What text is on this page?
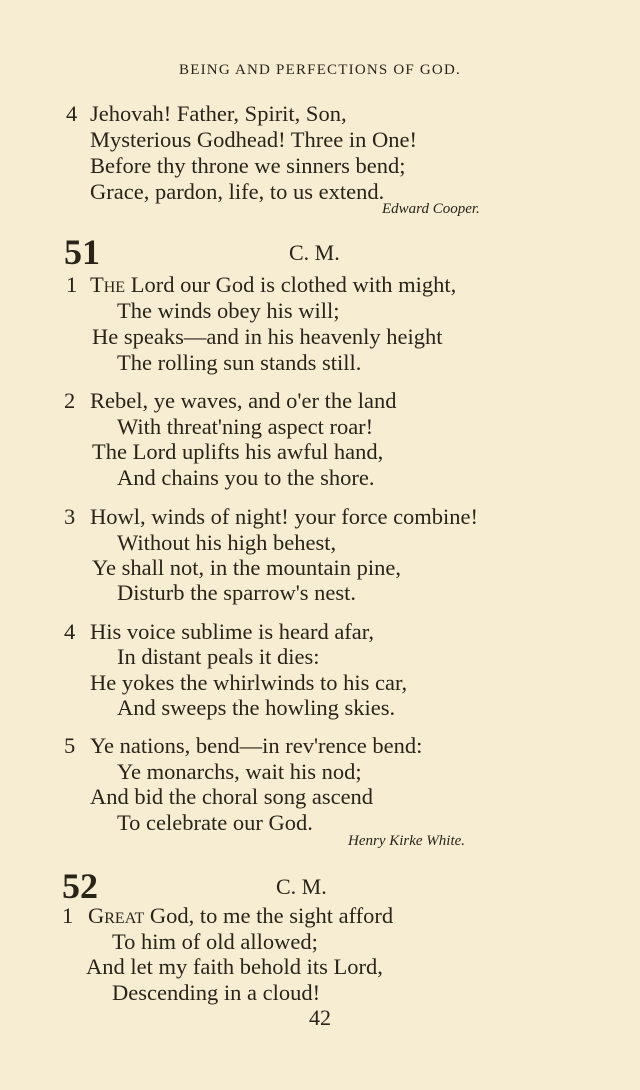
BEING AND PERFECTIONS OF GOD.
4 Jehovah! Father, Spirit, Son,
Mysterious Godhead! Three in One!
Before thy throne we sinners bend;
Grace, pardon, life, to us extend.
Edward Cooper.
51	C. M.
1 The Lord our God is clothed with might,
The winds obey his will;
He speaks—and in his heavenly height
The rolling sun stands still.
2 Rebel, ye waves, and o'er the land
With threat'ning aspect roar!
The Lord uplifts his awful hand,
And chains you to the shore.
3 Howl, winds of night! your force combine!
Without his high behest,
Ye shall not, in the mountain pine,
Disturb the sparrow's nest.
4 His voice sublime is heard afar,
In distant peals it dies:
He yokes the whirlwinds to his car,
And sweeps the howling skies.
5 Ye nations, bend—in rev'rence bend:
Ye monarchs, wait his nod;
And bid the choral song ascend
To celebrate our God.
Henry Kirke White.
52	C. M.
1 Great God, to me the sight afford
To him of old allowed;
And let my faith behold its Lord,
Descending in a cloud!
42
